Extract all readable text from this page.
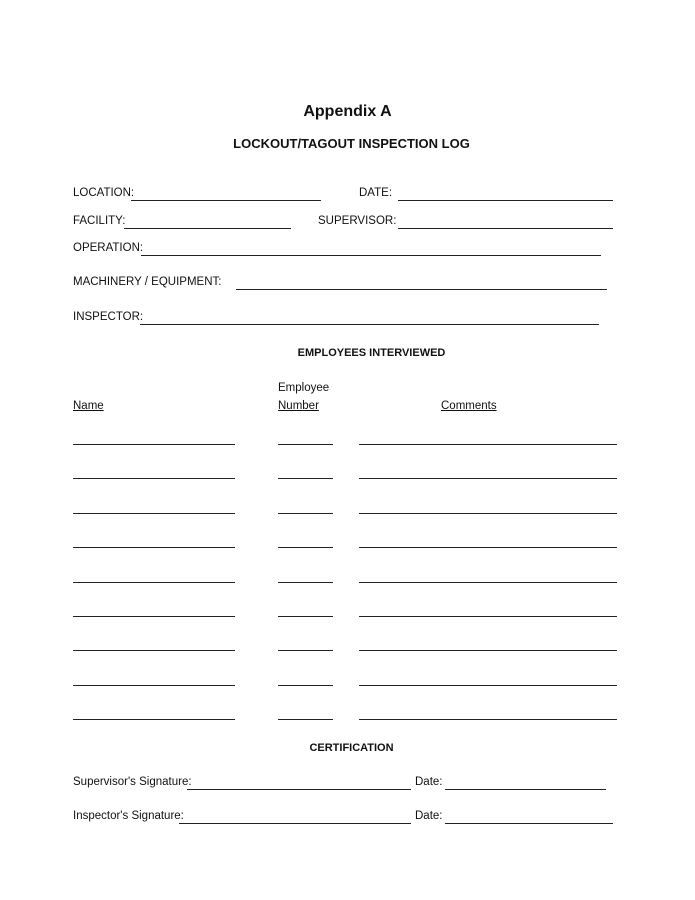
Appendix A
LOCKOUT/TAGOUT INSPECTION LOG
LOCATION:	DATE:
FACILITY:	SUPERVISOR:
OPERATION:
MACHINERY / EQUIPMENT:
INSPECTOR:
EMPLOYEES INTERVIEWED
Employee
Name	Number	Comments
CERTIFICATION
Supervisor's Signature:	Date:
Inspector's Signature:	Date:
